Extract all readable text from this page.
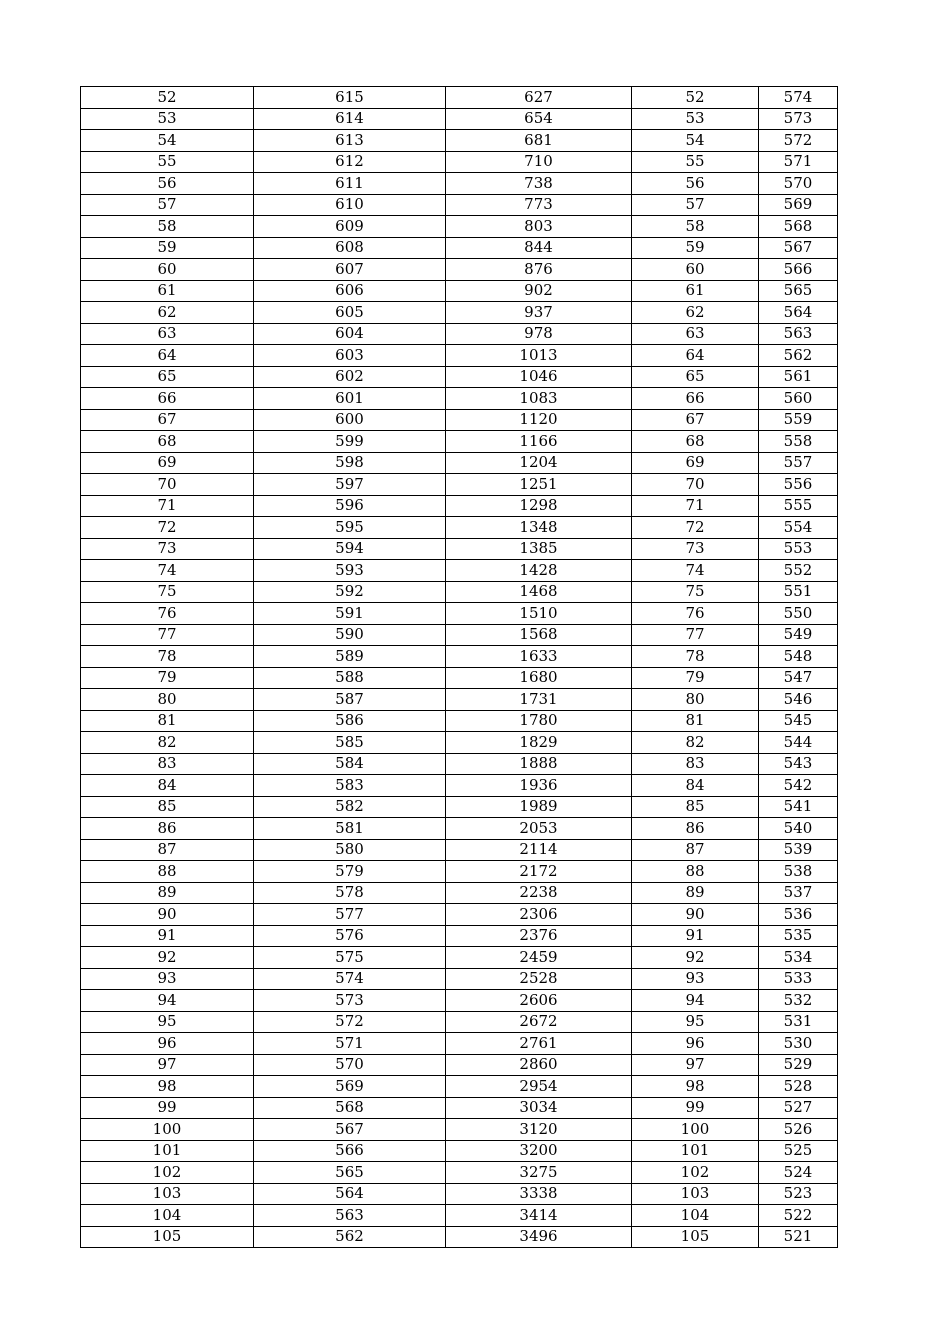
52	615	627	52	574
53	614	654	53	573
54	613	681	54	572
55	612	710	55	571
56	611	738	56	570
57	610	773	57	569
58	609	803	58	568
59	608	844	59	567
60	607	876	60	566
61	606	902	61	565
62	605	937	62	564
63	604	978	63	563
64	603	1013	64	562
65	602	1046	65	561
66	601	1083	66	560
67	600	1120	67	559
68	599	1166	68	558
69	598	1204	69	557
70	597	1251	70	556
71	596	1298	71	555
72	595	1348	72	554
73	594	1385	73	553
74	593	1428	74	552
75	592	1468	75	551
76	591	1510	76	550
77	590	1568	77	549
78	589	1633	78	548
79	588	1680	79	547
80	587	1731	80	546
81	586	1780	81	545
82	585	1829	82	544
83	584	1888	83	543
84	583	1936	84	542
85	582	1989	85	541
86	581	2053	86	540
87	580	2114	87	539
88	579	2172	88	538
89	578	2238	89	537
90	577	2306	90	536
91	576	2376	91	535
92	575	2459	92	534
93	574	2528	93	533
94	573	2606	94	532
95	572	2672	95	531
96	571	2761	96	530
97	570	2860	97	529
98	569	2954	98	528
99	568	3034	99	527
100	567	3120	100	526
101	566	3200	101	525
102	565	3275	102	524
103	564	3338	103	523
104	563	3414	104	522
105	562	3496	105	521
